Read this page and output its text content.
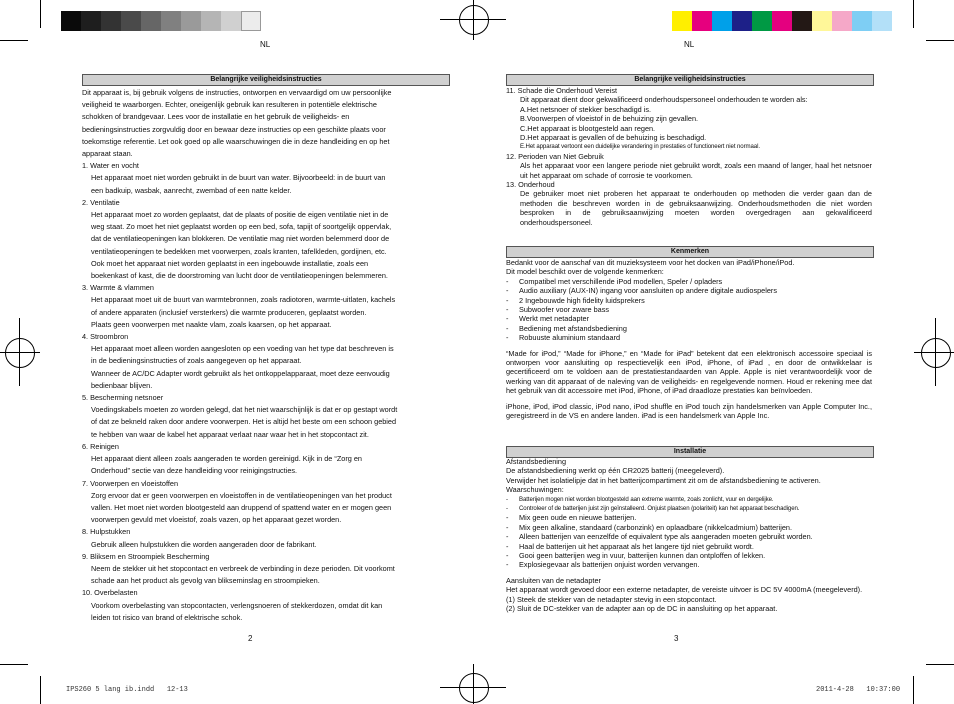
NL
Belangrijke veiligheidsinstructies

Dit apparaat is, bij gebruik volgens de instructies, ontworpen en vervaardigd om uw persoonlijke

veiligheid te waarborgen. Echter, oneigenlijk gebruik kan resulteren in potentiële elektrische

schokken of brandgevaar. Lees voor de installatie en het gebruik de veiligheids- en

bedieningsinstructies zorgvuldig door en bewaar deze instructies op een geschikte plaats voor

toekomstige referentie. Let ook goed op alle waarschuwingen die in deze handleiding en op het

apparaat staan.

1. Water en vocht

Het apparaat moet niet worden gebruikt in de buurt van water. Bijvoorbeeld: in de buurt van

een badkuip, wasbak, aanrecht, zwembad of een natte kelder.

2. Ventilatie

Het apparaat moet zo worden geplaatst, dat de plaats of positie de eigen ventilatie niet in de

weg staat. Zo moet het niet geplaatst worden op een bed, sofa, tapijt of soortgelijk oppervlak,

dat de ventilatieopeningen kan blokkeren. De ventilatie mag niet worden belemmerd door de

ventilatieopeningen te bedekken met voorwerpen, zoals kranten, tafelkleden, gordijnen, etc.

Ook moet het apparaat niet worden geplaatst in een ingebouwde installatie, zoals een

boekenkast of kast, die de doorstroming van lucht door de ventilatieopeningen belemmeren.

3. Warmte & vlammen

Het apparaat moet uit de buurt van warmtebronnen, zoals radiotoren, warmte-uitlaten, kachels

of andere apparaten (inclusief versterkers) die warmte produceren, geplaatst worden.

Plaats geen voorwerpen met naakte vlam, zoals kaarsen, op het apparaat.

4. Stroombron

Het apparaat moet alleen worden aangesloten op een voeding van het type dat beschreven is

in de bedieningsinstructies of zoals aangegeven op het apparaat.

Wanneer de AC/DC Adapter wordt gebruikt als het ontkoppelapparaat, moet deze eenvoudig

bedienbaar blijven.

5. Bescherming netsnoer

Voedingskabels moeten zo worden gelegd, dat het niet waarschijnlijk is dat er op gestapt wordt

of dat ze bekneld raken door andere voorwerpen. Het is altijd het beste om een schoon gebied

te hebben van waar de kabel het apparaat verlaat naar waar het in het stopcontact zit.

6. Reinigen

Het apparaat dient alleen zoals aangeraden te worden gereinigd. Kijk in de “Zorg en

Onderhoud” sectie van deze handleiding voor reinigingstructies.

7. Voorwerpen en vloeistoffen

Zorg ervoor dat er geen voorwerpen en vloeistoffen in de ventilatieopeningen van het product

vallen. Het moet niet worden blootgesteld aan druppend of spattend water en er mogen geen

voorwerpen gevuld met vloeistof, zoals vazen, op het apparaat gezet worden.

8. Hulpstukken

Gebruik alleen hulpstukken die worden aangeraden door de fabrikant.

9. Bliksem en Stroompiek Bescherming

Neem de stekker uit het stopcontact en verbreek de verbinding in deze perioden. Dit voorkomt

schade aan het product als gevolg van blikseminslag en stroompieken.

10. Overbelasten

Voorkom overbelasting van stopcontacten, verlengsnoeren of stekkerdozen, omdat dit kan

leiden tot risico van brand of elektrische schok.

2
NL
Belangrijke veiligheidsinstructies

11. Schade die Onderhoud Vereist

Dit apparaat dient door gekwalificeerd onderhoudspersoneel onderhouden te worden als:

A.Het netsnoer of stekker beschadigd is.

B.Voorwerpen of vloeistof in de behuizing zijn gevallen.

C.Het apparaat is blootgesteld aan regen.

D.Het apparaat is gevallen of de behuizing is beschadigd.

E.Het apparaat vertoont een duidelijke verandering in prestaties of functioneert niet normaal.

12. Perioden van Niet Gebruik

Als het apparaat voor een langere periode niet gebruikt wordt, zoals een maand of langer, haal het netsnoer uit het apparaat om schade of corrosie te voorkomen.

13. Onderhoud

De gebruiker moet niet proberen het apparaat te onderhouden op methoden die verder gaan dan de methoden die beschreven worden in de gebruiksaanwijzing. Onderhoudsmethoden die niet worden besproken in de gebruiksaanwijzing moeten worden overgedragen aan gekwalificeerd onderhoudspersoneel.

Kenmerken

Bedankt voor de aanschaf van dit muzieksysteem voor het docken van iPad/iPhone/iPod.

Dit model beschikt over de volgende kenmerken:

-	Compatibel met verschillende iPod modellen, Speler / opladers
-	Audio auxiliary (AUX-IN) ingang voor aansluiten op andere digitale audiospelers
-	2 Ingebouwde high fidelity luidsprekers
-	Subwoofer voor zware bass
-	Werkt met netadapter
-	Bediening met afstandsbediening
-	Robuuste aluminium standaard

“Made for iPod,” “Made for iPhone,” en “Made for iPad” betekent dat een elektronisch accessoire speciaal is ontworpen voor aansluiting op respectievelijk een iPod, iPhone, of iPad , en door de ontwikkelaar is gecertificeerd om te voldoen aan de prestatiestandaarden van Apple. Apple is niet verantwoordelijk voor de werking van dit apparaat of de naleving van de veiligheids- en regelgevende normen. Houd er rekening mee dat het gebruik van dit accessoire met iPod, iPhone, of iPad draadloze prestaties kan beïnvloeden.

iPhone, iPod, iPod classic, iPod nano, iPod shuffle en iPod touch zijn handelsmerken van Apple Computer Inc., geregistreerd in de VS en andere landen. iPad is een handelsmerk van Apple Inc.

Installatie

Afstandsbediening

De afstandsbediening werkt op één CR2025 batterij (meegeleverd).

Verwijder het isolatielipje dat in het batterijcompartiment zit om de afstandsbediening te activeren.

Waarschuwingen:

-	Batterijen mogen niet worden blootgesteld aan extreme warmte, zoals zonlicht, vuur en dergelijke.
-	Controleer of de batterijen juist zijn geïnstalleerd. Onjuist plaatsen (polariteit) kan het apparaat beschadigen.
-	Mix geen oude en nieuwe batterijen.
-	Mix geen alkaline, standaard (carbonzink) en oplaadbare (nikkelcadmium) batterijen.
-	Alleen batterijen van eenzelfde of equivalent type als aangeraden moeten gebruikt worden.
-	Haal de batterijen uit het apparaat als het langere tijd niet gebruikt wordt.
-	Gooi geen batterijen weg in vuur, batterijen kunnen dan ontploffen of lekken.
-	Explosiegevaar als batterijen onjuist worden vervangen.

Aansluiten van de netadapter

Het apparaat wordt gevoed door een externe netadapter, de vereiste uitvoer is DC 5V 4000mA (meegeleverd).

(1) Steek de stekker van de netadapter stevig in een stopcontact.

(2) Sluit de DC-stekker van de adapter aan op de DC in aansluiting op het apparaat.

3
IPS260 5 lang ib.indd   12-13	2011-4-28   10:37:00
